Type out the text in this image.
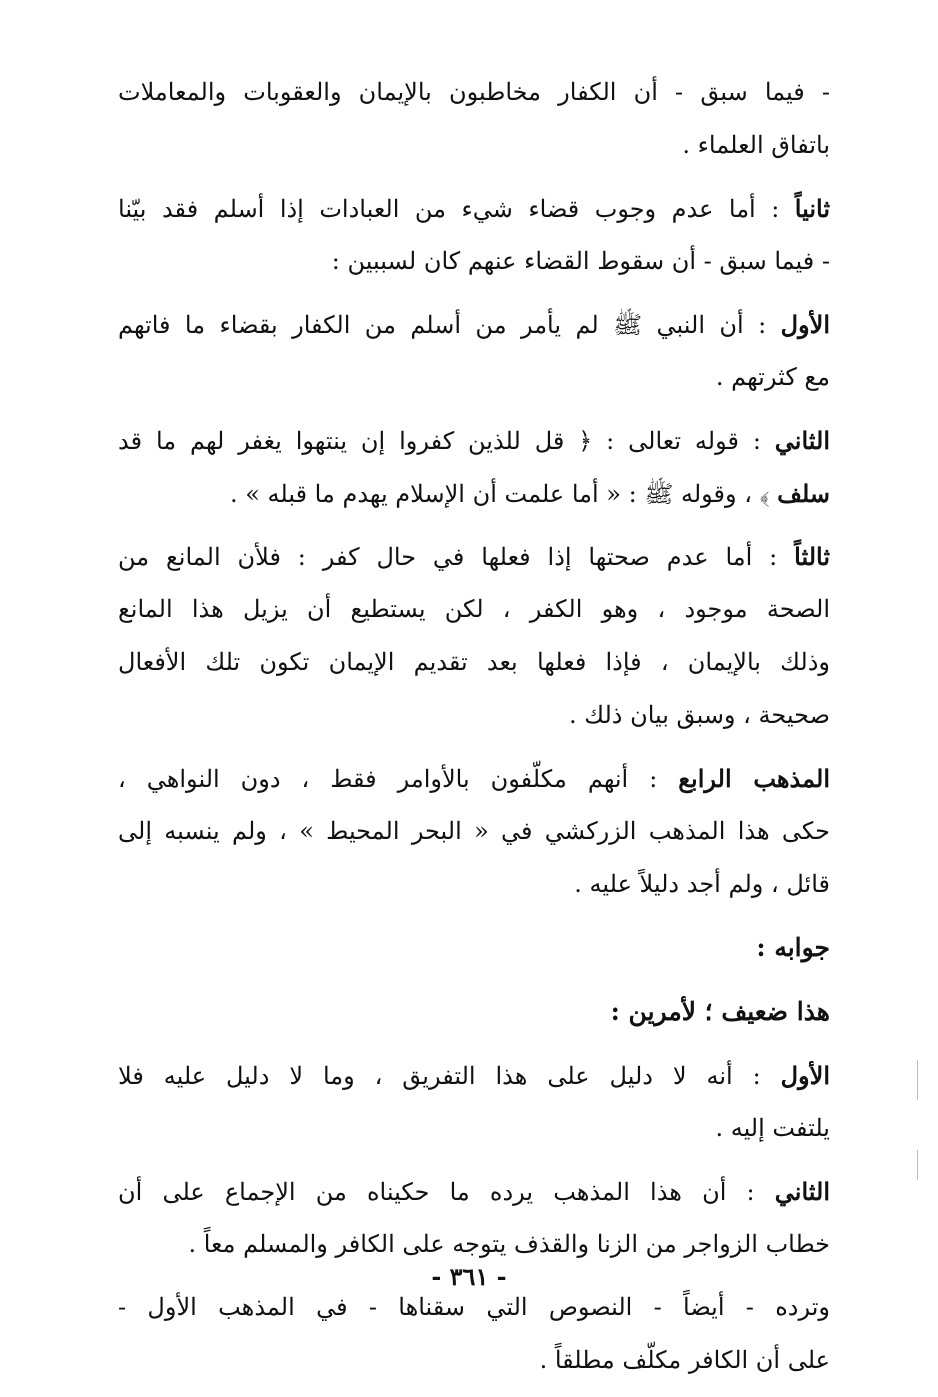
- فيما سبق - أن الكفار مخاطبون بالإيمان والعقوبات والمعاملات
باتفاق العلماء .
ثانياً : أما عدم وجوب قضاء شيء من العبادات إذا أسلم فقد بيّنا
- فيما سبق - أن سقوط القضاء عنهم كان لسببين :
الأول : أن النبي ﷺ لم يأمر من أسلم من الكفار بقضاء ما فاتهم
مع كثرتهم .
الثاني : قوله تعالى : ﴿ قل للذين كفروا إن ينتهوا يغفر لهم ما قد
سلف ﴾ ، وقوله ﷺ : « أما علمت أن الإسلام يهدم ما قبله » .
ثالثاً : أما عدم صحتها إذا فعلها في حال كفر : فلأن المانع من
الصحة موجود ، وهو الكفر ، لكن يستطيع أن يزيل هذا المانع
وذلك بالإيمان ، فإذا فعلها بعد تقديم الإيمان تكون تلك الأفعال
صحيحة ، وسبق بيان ذلك .
المذهب الرابع : أنهم مكلّفون بالأوامر فقط ، دون النواهي ،
حكى هذا المذهب الزركشي في « البحر المحيط » ، ولم ينسبه إلى
قائل ، ولم أجد دليلاً عليه .
جوابه :
هذا ضعيف ؛ لأمرين :
الأول : أنه لا دليل على هذا التفريق ، وما لا دليل عليه فلا
يلتفت إليه .
الثاني : أن هذا المذهب يرده ما حكيناه من الإجماع على أن
خطاب الزواجر من الزنا والقذف يتوجه على الكافر والمسلم معاً .
وترده - أيضاً - النصوص التي سقناها - في المذهب الأول -
على أن الكافر مكلّف مطلقاً .
- ٣٦١ -
